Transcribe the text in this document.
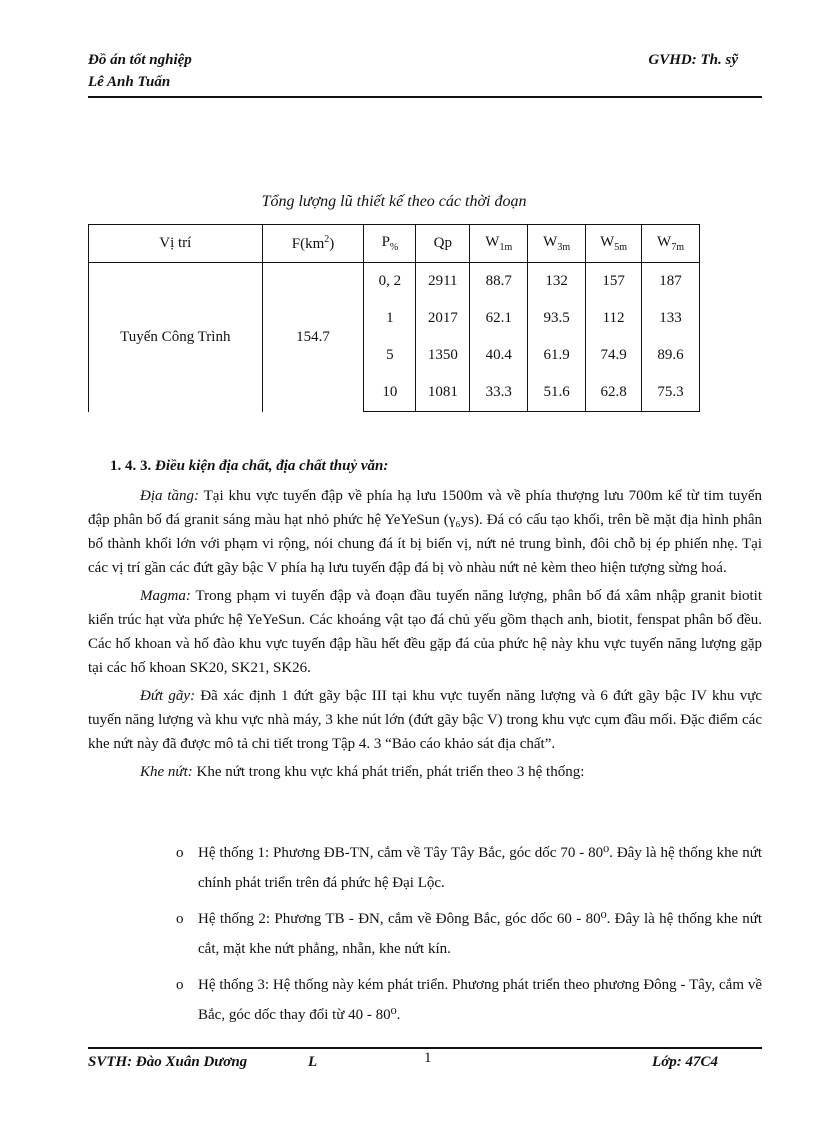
Đồ án tốt nghiệp
Lê Anh Tuấn
GVHD: Th. sỹ
Tổng lượng lũ thiết kế theo các thời đoạn
Vị trí	$F(km^2)$	$P_{\%}$	Qp	$W_{1m}$	$W_{3m}$	$W_{5m}$	$W_{7m}$
Tuyến Công Trình	154.7	0, 2	2911	88.7	132	157	187
		1	2017	62.1	93.5	112	133
		5	1350	40.4	61.9	74.9	89.6
		10	1081	33.3	51.6	62.8	75.3
1. 4. 3. Điều kiện địa chất, địa chất thuỷ văn:

Địa tầng: Tại khu vực tuyến đập về phía hạ lưu 1500m và về phía thượng lưu 700m kể từ tim tuyến đập phân bố đá granit sáng màu hạt nhỏ phức hệ YeYeSun (γ₆ys). Đá có cấu tạo khối, trên bề mặt địa hình phân bố thành khối lớn với phạm vi rộng, nói chung đá ít bị biến vị, nứt nẻ trung bình, đôi chỗ bị ép phiến nhẹ. Tại các vị trí gần các đứt gãy bậc V phía hạ lưu tuyến đập đá bị vò nhàu nứt nẻ kèm theo hiện tượng sừng hoá.

Magma: Trong phạm vi tuyến đập và đoạn đầu tuyến năng lượng, phân bố đá xâm nhập granit biotit kiến trúc hạt vừa phức hệ YeYeSun. Các khoáng vật tạo đá chủ yếu gồm thạch anh, biotit, fenspat phân bố đều. Các hố khoan và hố đào khu vực tuyến đập hầu hết đều gặp đá của phức hệ này khu vực tuyến năng lượng gặp tại các hố khoan SK20, SK21, SK26.

Đứt gãy: Đã xác định 1 đứt gãy bậc III tại khu vực tuyến năng lượng và 6 đứt gãy bậc IV khu vực tuyến năng lượng và khu vực nhà máy, 3 khe nút lớn (đứt gãy bậc V) trong khu vực cụm đầu mối. Đặc điểm các khe nứt này đã được mô tả chi tiết trong Tập 4. 3 “Bảo cáo khảo sát địa chất”.

Khe nứt: Khe nứt trong khu vực khá phát triển, phát triển theo 3 hệ thống:

o Hệ thống 1: Phương ĐB-TN, cắm về Tây Tây Bắc, góc dốc 70 - 80⁰. Đây là hệ thống khe nứt chính phát triển trên đá phức hệ Đại Lộc.
o Hệ thống 2: Phương TB - ĐN, cắm về Đông Bắc, góc dốc 60 - 80⁰. Đây là hệ thống khe nứt cắt, mặt khe nứt phẳng, nhẵn, khe nứt kín.
o Hệ thống 3: Hệ thống này kém phát triển. Phương phát triển theo phương Đông - Tây, cắm về Bắc, góc dốc thay đổi từ 40 - 80⁰.
SVTH: Đào Xuân Dương	L	1	Lớp: 47C4
